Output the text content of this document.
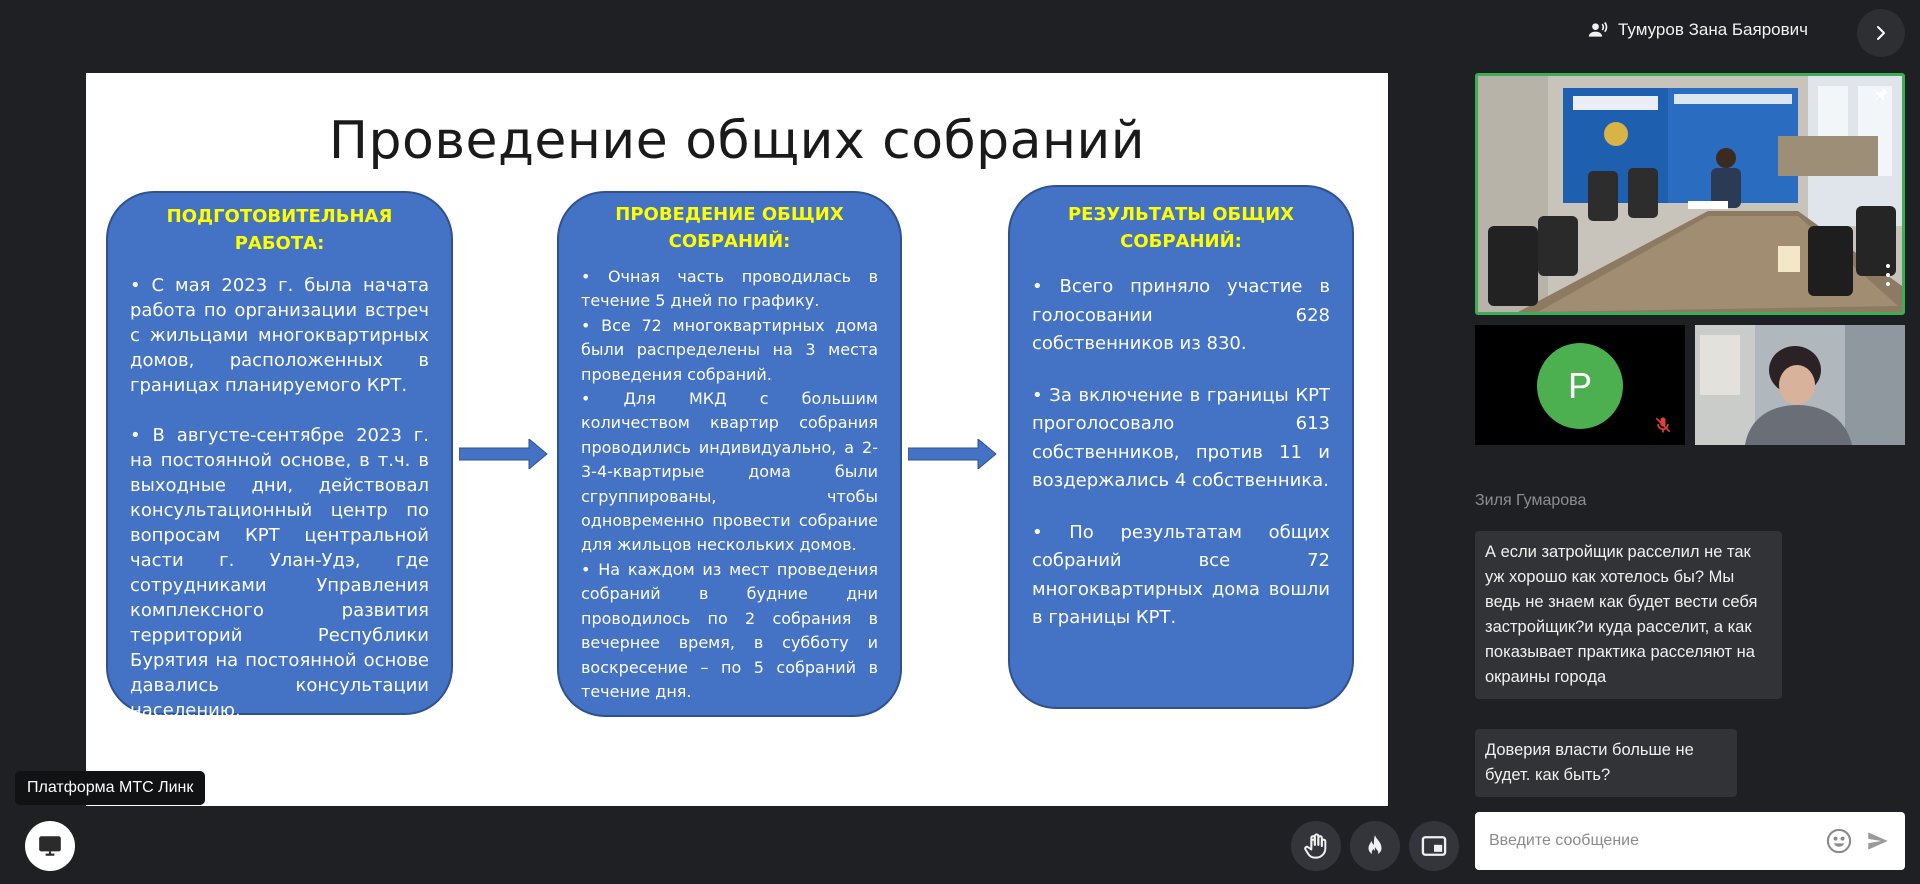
Тумуров Зана Баярович
Проведение общих собраний
ПОДГОТОВИТЕЛЬНАЯ РАБОТА:

• С мая 2023 г. была начата работа по организации встреч с жильцами многоквартирных домов, расположенных в границах планируемого КРТ.

• В августе-сентябре 2023 г. на постоянной основе, в т.ч. в выходные дни, действовал консультационный центр по вопросам КРТ центральной части г. Улан-Удэ, где сотрудниками Управления комплексного развития территорий Республики Бурятия на постоянной основе давались консультации населению.

ПРОВЕДЕНИЕ ОБЩИХ СОБРАНИЙ:

• Очная часть проводилась в течение 5 дней по графику.

• Все 72 многоквартирных дома были распределены на 3 места проведения собраний.

• Для МКД с большим количеством квартир собрания проводились индивидуально, а 2-3-4-квартирые дома были сгруппированы, чтобы одновременно провести собрание для жильцов нескольких домов.

• На каждом из мест проведения собраний в будние дни проводилось по 2 собрания в вечернее время, в субботу и воскресение – по 5 собраний в течение дня.

РЕЗУЛЬТАТЫ ОБЩИХ СОБРАНИЙ:

• Всего приняло участие в голосовании 628 собственников из 830.

• За включение в границы КРТ проголосовало 613 собственников, против 11 и воздержались 4 собственника.

• По результатам общих собраний все 72 многоквартирных дома вошли в границы КРТ.

P
Зиля Гумарова
А если затройщик расселил не так уж хорошо как хотелось бы? Мы ведь не знаем как будет вести себя застройщик?и куда расселит, а как показывает практика расселяют на окраины города
Доверия власти больше не будет. как быть?
Введите сообщение
Платформа МТС Линк
